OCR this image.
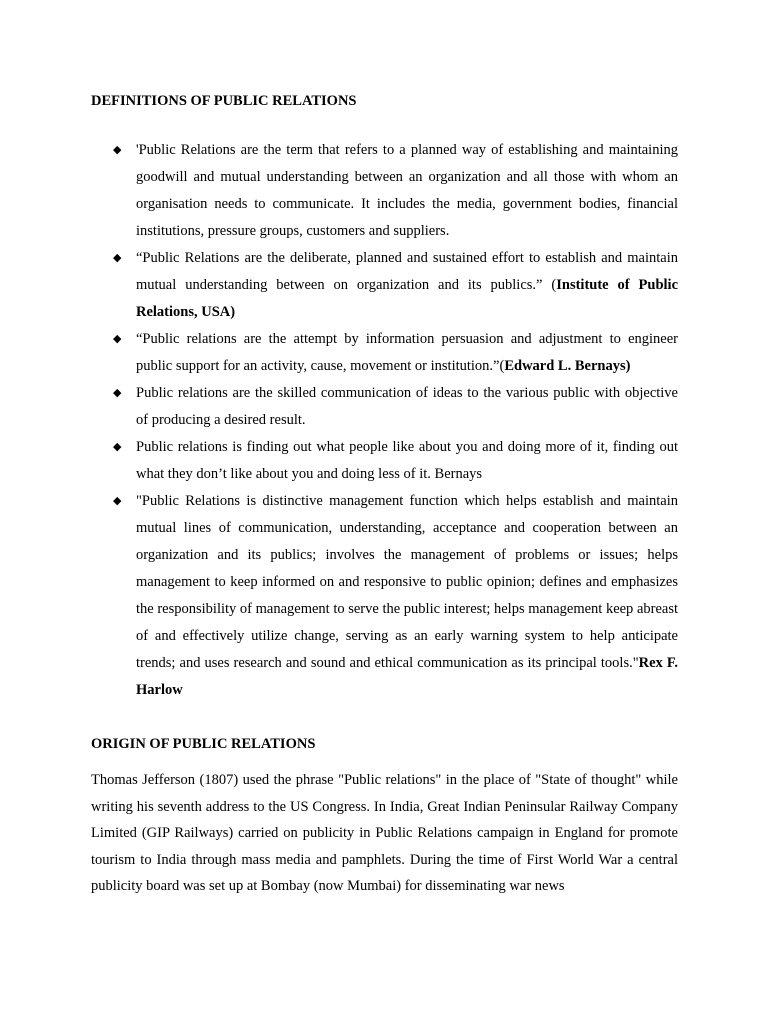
DEFINITIONS OF PUBLIC RELATIONS
◆ 'Public Relations are the term that refers to a planned way of establishing and maintaining goodwill and mutual understanding between an organization and all those with whom an organisation needs to communicate. It includes the media, government bodies, financial institutions, pressure groups, customers and suppliers.
◆ “Public Relations are the deliberate, planned and sustained effort to establish and maintain mutual understanding between on organization and its publics.” (Institute of Public Relations, USA)
◆ “Public relations are the attempt by information persuasion and adjustment to engineer public support for an activity, cause, movement or institution.”(Edward L. Bernays)
◆ Public relations are the skilled communication of ideas to the various public with objective of producing a desired result.
◆ Public relations is finding out what people like about you and doing more of it, finding out what they don’t like about you and doing less of it. Bernays
◆ "Public Relations is distinctive management function which helps establish and maintain mutual lines of communication, understanding, acceptance and cooperation between an organization and its publics; involves the management of problems or issues; helps management to keep informed on and responsive to public opinion; defines and emphasizes the responsibility of management to serve the public interest; helps management keep abreast of and effectively utilize change, serving as an early warning system to help anticipate trends; and uses research and sound and ethical communication as its principal tools."Rex F. Harlow
ORIGIN OF PUBLIC RELATIONS

Thomas Jefferson (1807) used the phrase "Public relations" in the place of "State of thought" while writing his seventh address to the US Congress. In India, Great Indian Peninsular Railway Company Limited (GIP Railways) carried on publicity in Public Relations campaign in England for promote tourism to India through mass media and pamphlets. During the time of First World War a central publicity board was set up at Bombay (now Mumbai) for disseminating war news
